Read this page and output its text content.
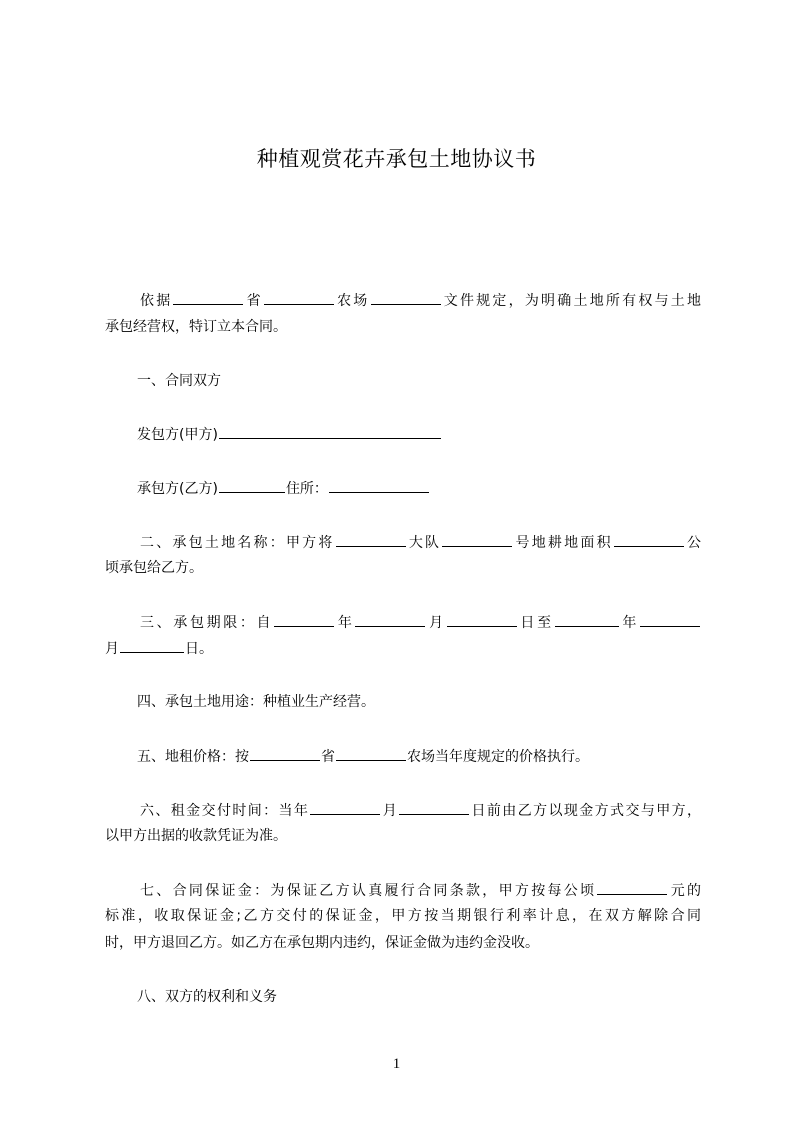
种植观赏花卉承包土地协议书
依据	省	农场	文件规定，为明确土地所有权与土地
承包经营权，特订立本合同。
一、合同双方
发包方(甲方)
承包方(乙方)	住所：
二、承包土地名称：甲方将	大队	号地耕地面积	公
顷承包给乙方。
三、承包期限：自	年	月	日至	年
月	日。
四、承包土地用途：种植业生产经营。
五、地租价格：按	省	农场当年度规定的价格执行。
六、租金交付时间：当年	月	日前由乙方以现金方式交与甲方，
以甲方出据的收款凭证为准。
七、合同保证金：为保证乙方认真履行合同条款，甲方按每公顷	元的
标准，收取保证金;乙方交付的保证金，甲方按当期银行利率计息，在双方解除合同
时，甲方退回乙方。如乙方在承包期内违约，保证金做为违约金没收。
八、双方的权利和义务
1
